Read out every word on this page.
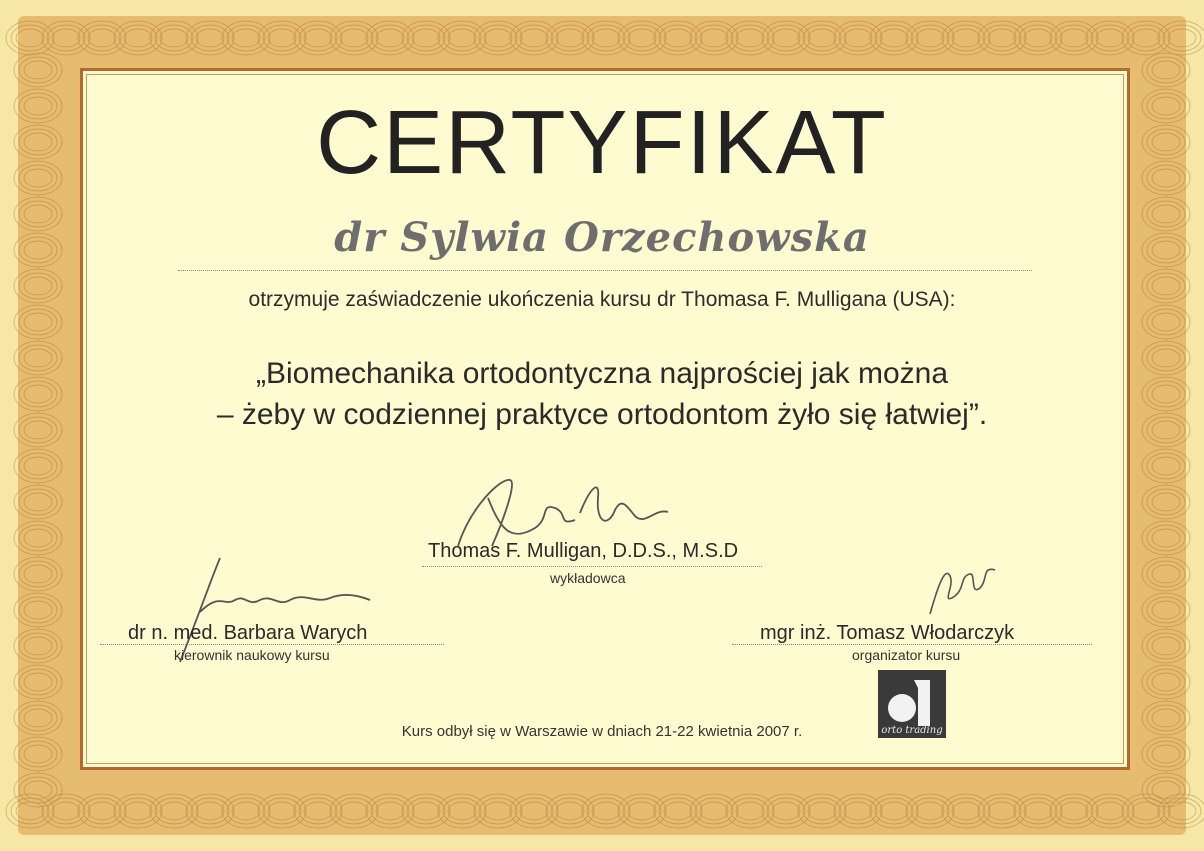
CERTYFIKAT
dr Sylwia Orzechowska
otrzymuje zaświadczenie ukończenia kursu dr Thomasa F. Mulligana (USA):
„Biomechanika ortodontyczna najprościej jak można
– żeby w codziennej praktyce ortodontom żyło się łatwiej”.
Thomas F. Mulligan, D.D.S., M.S.D
wykładowca
dr n. med. Barbara Warych
kierownik naukowy kursu
mgr inż. Tomasz Włodarczyk
organizator kursu
orto trading
Kurs odbył się w Warszawie w dniach 21-22 kwietnia 2007 r.
